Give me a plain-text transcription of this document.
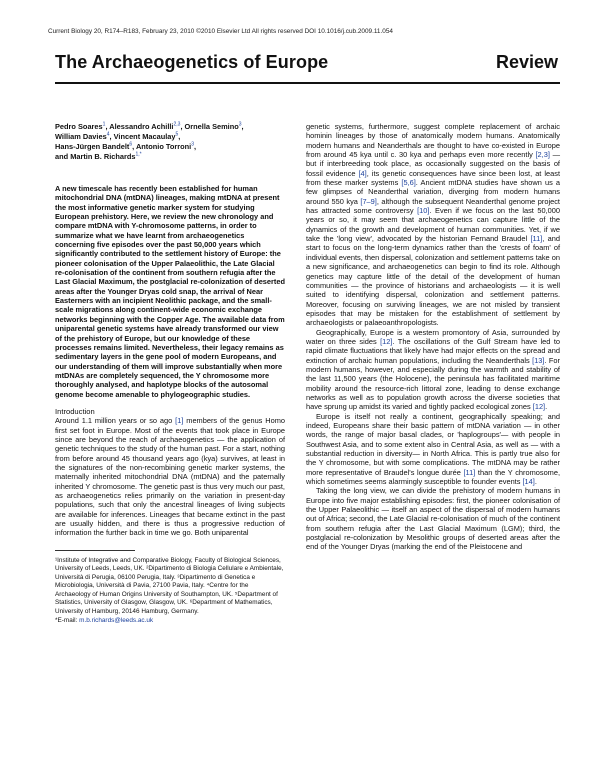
Current Biology 20, R174–R183, February 23, 2010 ©2010 Elsevier Ltd All rights reserved DOI 10.1016/j.cub.2009.11.054
The Archaeogenetics of Europe	Review
Pedro Soares$^1$, Alessandro Achilli$^{2,3}$, Ornella Semino$^3$,
William Davies$^4$, Vincent Macaulay$^5$,
Hans-Jürgen Bandelt$^6$, Antonio Torroni$^3$,
and Martin B. Richards$^{1,*}$
A new timescale has recently been established for human mitochondrial DNA (mtDNA) lineages, making mtDNA at present the most informative genetic marker system for studying European prehistory. Here, we review the new chronology and compare mtDNA with Y-chromosome patterns, in order to summarize what we have learnt from archaeogenetics concerning five episodes over the past 50,000 years which significantly contributed to the settlement history of Europe: the pioneer colonisation of the Upper Palaeolithic, the Late Glacial re-colonisation of the continent from southern refugia after the Last Glacial Maximum, the postglacial re-colonization of deserted areas after the Younger Dryas cold snap, the arrival of Near Easterners with an incipient Neolithic package, and the small-scale migrations along continent-wide economic exchange networks beginning with the Copper Age. The available data from uniparental genetic systems have already transformed our view of the prehistory of Europe, but our knowledge of these processes remains limited. Nevertheless, their legacy remains as sedimentary layers in the gene pool of modern Europeans, and our understanding of them will improve substantially when more mtDNAs are completely sequenced, the Y chromosome more thoroughly analysed, and haplotype blocks of the autosomal genome become amenable to phylogeographic studies.
Introduction
Around 1.1 million years or so ago [1] members of the genus Homo first set foot in Europe. Most of the events that took place in Europe since are beyond the reach of archaeogenetics — the application of genetic techniques to the study of the human past. For a start, nothing from before around 45 thousand years ago (kya) survives, at least in the signatures of the non-recombining genetic marker systems, the maternally inherited mitochondrial DNA (mtDNA) and the paternally inherited Y chromosome. The genetic past is thus very much our past, as archaeogenetics relies primarily on the variation in present-day populations, such that only the ancestral lineages of living subjects are available for inferences. Lineages that became extinct in the past are usually hidden, and there is thus a progressive reduction of information the further back in time we go. Both uniparental
¹Institute of Integrative and Comparative Biology, Faculty of Biological Sciences, University of Leeds, Leeds, UK. ²Dipartimento di Biologia Cellulare e Ambientale, Università di Perugia, 06100 Perugia, Italy. ³Dipartimento di Genetica e Microbiologia, Università di Pavia, 27100 Pavia, Italy. ⁴Centre for the Archaeology of Human Origins University of Southampton, UK. ⁵Department of Statistics, University of Glasgow, Glasgow, UK. ⁶Department of Mathematics, University of Hamburg, 20146 Hamburg, Germany.
*E-mail: m.b.richards@leeds.ac.uk
genetic systems, furthermore, suggest complete replacement of archaic hominin lineages by those of anatomically modern humans. Anatomically modern humans and Neanderthals are thought to have co-existed in Europe from around 45 kya until c. 30 kya and perhaps even more recently [2,3] — but if interbreeding took place, as occasionally suggested on the basis of fossil evidence [4], its genetic consequences have since been lost, at least from these marker systems [5,6]. Ancient mtDNA studies have shown us a few glimpses of Neanderthal variation, diverging from modern humans around 550 kya [7–9], although the subsequent Neanderthal genome project has attracted some controversy [10]. Even if we focus on the last 50,000 years or so, it may seem that archaeogenetics can capture little of the dynamics of the growth and development of human communities. Yet, if we take the 'long view', advocated by the historian Fernand Braudel [11], and start to focus on the long-term dynamics rather than the 'crests of foam' of individual events, then dispersal, colonization and settlement patterns take on a new significance, and archaeogenetics can begin to find its role. Although genetics may capture little of the detail of the development of human communities — the province of historians and archaeologists — it is well suited to identifying dispersal, colonization and settlement patterns. Moreover, focusing on surviving lineages, we are not misled by transient episodes that may be mistaken for the establishment of settlement by archaeologists or palaeoanthropologists.
Geographically, Europe is a western promontory of Asia, surrounded by water on three sides [12]. The oscillations of the Gulf Stream have led to rapid climate fluctuations that likely have had major effects on the spread and extinction of archaic human populations, including the Neanderthals [13]. For modern humans, however, and especially during the warmth and stability of the last 11,500 years (the Holocene), the peninsula has facilitated maritime mobility around the resource-rich littoral zone, leading to dense exchange networks as well as to population growth across the diverse societies that have sprung up amidst its varied and tightly packed ecological zones [12].
Europe is itself not really a continent, geographically speaking; and indeed, Europeans share their basic pattern of mtDNA variation — in other words, the range of major basal clades, or 'haplogroups'— with people in Southwest Asia, and to some extent also in Central Asia, as well as — with a substantial reduction in diversity— in North Africa. This is partly true also for the Y chromosome, but with some complications. The mtDNA may be rather more representative of Braudel's longue durée [11] than the Y chromosome, which sometimes seems alarmingly susceptible to founder events [14].
Taking the long view, we can divide the prehistory of modern humans in Europe into five major establishing episodes: first, the pioneer colonisation of the Upper Palaeolithic — itself an aspect of the dispersal of modern humans out of Africa; second, the Late Glacial re-colonisation of much of the continent from southern refugia after the Last Glacial Maximum (LGM); third, the postglacial re-colonization by Mesolithic groups of deserted areas after the end of the Younger Dryas (marking the end of the Pleistocene and
